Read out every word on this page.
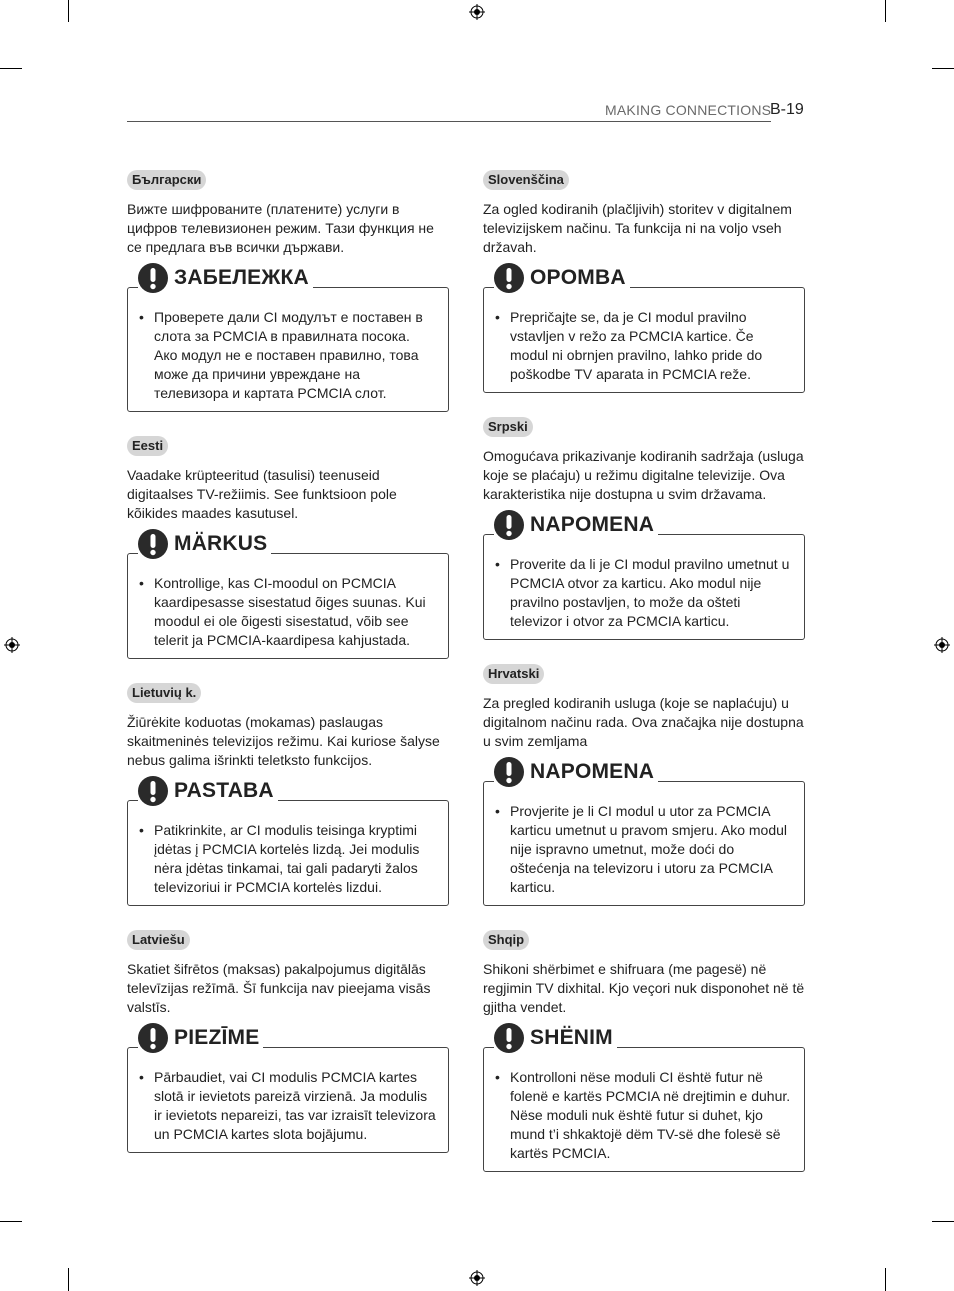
MAKING CONNECTIONS
B-19
Български

Вижте шифрованите (платените) услуги в цифров телевизионен режим. Тази функция не се предлага във всички държави.

ЗАБЕЛЕЖКА
• Проверете дали CI модулът е поставен в слота за PCMCIA в правилната посока. Ако модул не е поставен правилно, това може да причини увреждане на телевизора и картата PCMCIA слот.
Eesti

Vaadake krüpteeritud (tasulisi) teenuseid digitaalses TV-režiimis. See funktsioon pole kõikides maades kasutusel.

MÄRKUS
• Kontrollige, kas CI-moodul on PCMCIA kaardipesasse sisestatud õiges suunas. Kui moodul ei ole õigesti sisestatud, võib see telerit ja PCMCIA-kaardipesa kahjustada.
Lietuvių k.

Žiūrėkite koduotas (mokamas) paslaugas skaitmeninės televizijos režimu. Kai kuriose šalyse nebus galima išrinkti teletksto funkcijos.

PASTABA
• Patikrinkite, ar CI modulis teisinga kryptimi įdėtas į PCMCIA kortelės lizdą. Jei modulis nėra įdėtas tinkamai, tai gali padaryti žalos televizoriui ir PCMCIA kortelės lizdui.
Latviešu

Skatiet šifrētos (maksas) pakalpojumus digitālās televīzijas režīmā. Šī funkcija nav pieejama visās valstīs.

PIEZĪME
• Pārbaudiet, vai CI modulis PCMCIA kartes slotā ir ievietots pareizā virzienā. Ja modulis ir ievietots nepareizi, tas var izraisīt televizora un PCMCIA kartes slota bojājumu.
Slovenščina

Za ogled kodiranih (plačljivih) storitev v digitalnem televizijskem načinu. Ta funkcija ni na voljo vseh državah.

OPOMBA
• Prepričajte se, da je CI modul pravilno vstavljen v režo za PCMCIA kartice. Če modul ni obrnjen pravilno, lahko pride do poškodbe TV aparata in PCMCIA reže.
Srpski

Omogućava prikazivanje kodiranih sadržaja (usluga koje se plaćaju) u režimu digitalne televizije. Ova karakteristika nije dostupna u svim državama.

NAPOMENA
• Proverite da li je CI modul pravilno umetnut u PCMCIA otvor za karticu. Ako modul nije pravilno postavljen, to može da ošteti televizor i otvor za PCMCIA karticu.
Hrvatski

Za pregled kodiranih usluga (koje se naplaćuju) u digitalnom načinu rada. Ova značajka nije dostupna u svim zemljama

NAPOMENA
• Provjerite je li CI modul u utor za PCMCIA karticu umetnut u pravom smjeru. Ako modul nije ispravno umetnut, može doći do oštećenja na televizoru i utoru za PCMCIA karticu.
Shqip

Shikoni shërbimet e shifruara (me pagesë) në regjimin TV dixhital. Kjo veçori nuk disponohet në të gjitha vendet.

SHËNIM
• Kontrolloni nëse moduli CI është futur në folenë e kartës PCMCIA në drejtimin e duhur. Nëse moduli nuk është futur si duhet, kjo mund t’i shkaktojë dëm TV-së dhe folesë së kartës PCMCIA.
